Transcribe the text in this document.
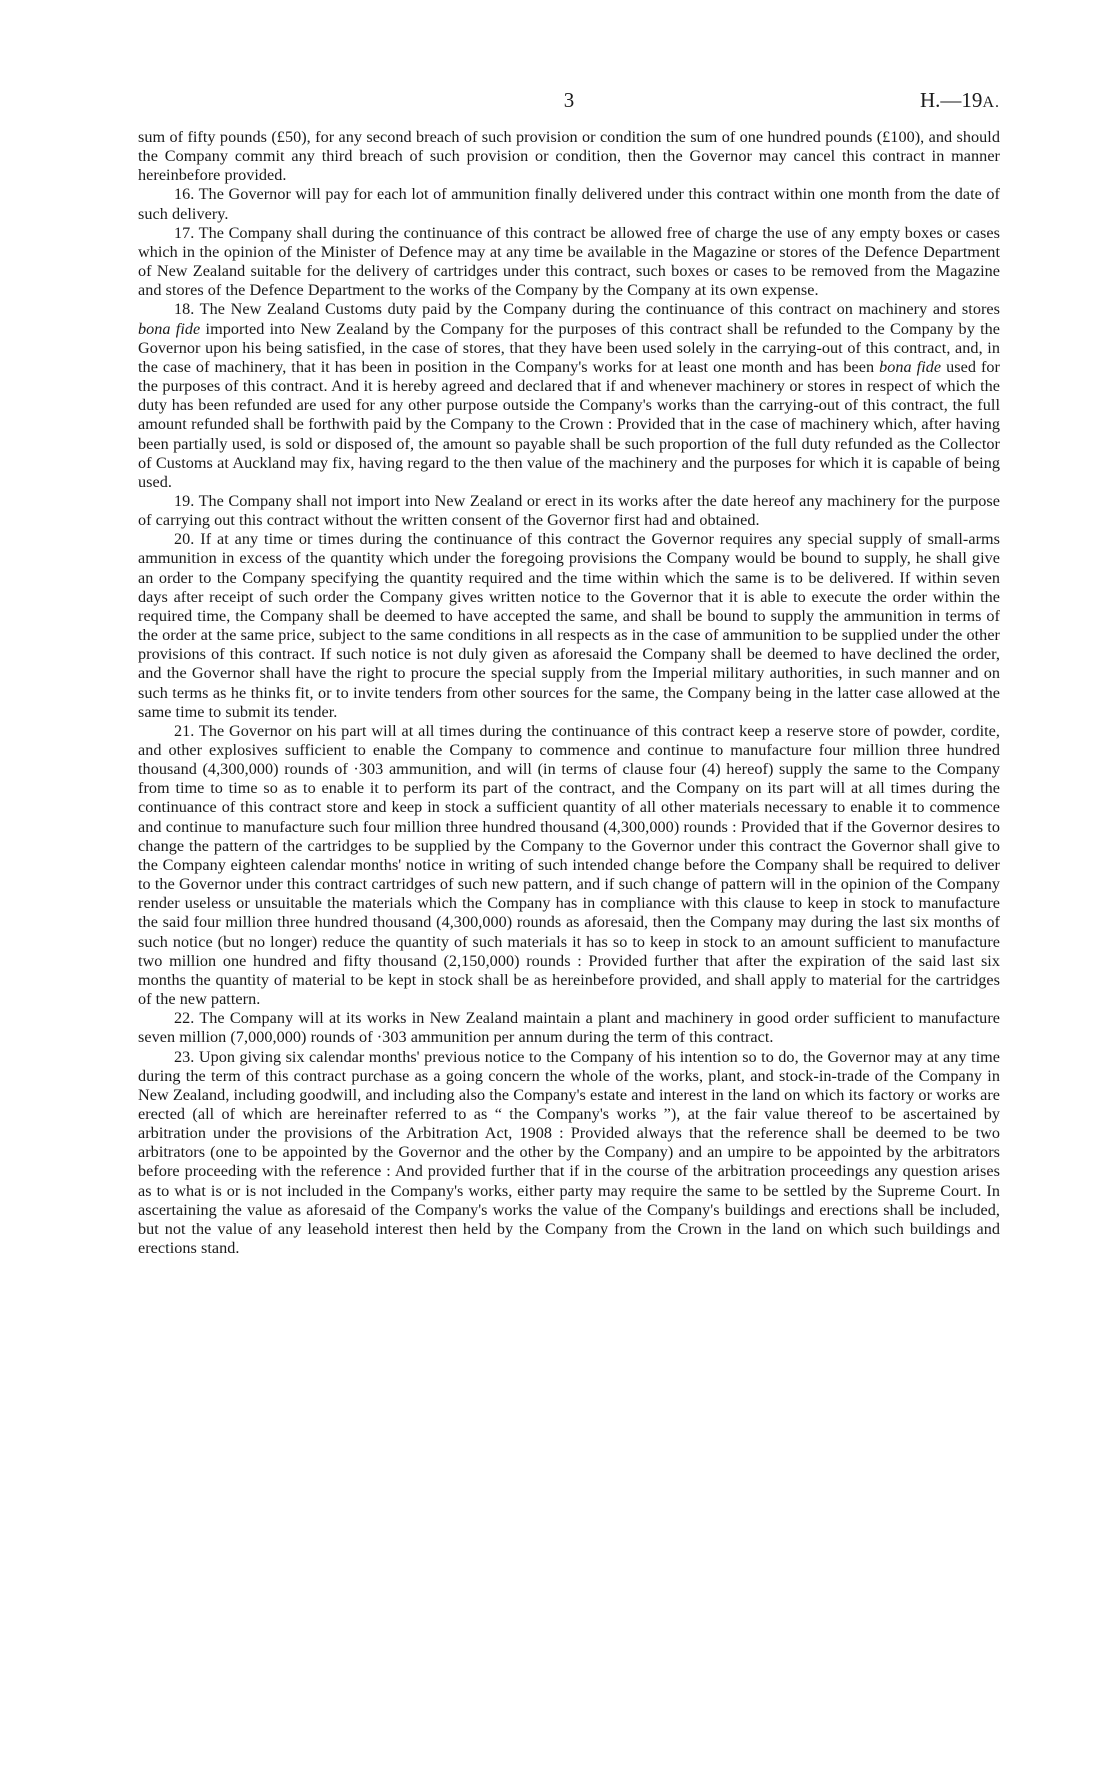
3	H.—19A.

sum of fifty pounds (£50), for any second breach of such provision or condition the sum of one hundred pounds (£100), and should the Company commit any third breach of such provision or condition, then the Governor may cancel this contract in manner hereinbefore provided.

16. The Governor will pay for each lot of ammunition finally delivered under this contract within one month from the date of such delivery.

17. The Company shall during the continuance of this contract be allowed free of charge the use of any empty boxes or cases which in the opinion of the Minister of Defence may at any time be available in the Magazine or stores of the Defence Department of New Zealand suitable for the delivery of cartridges under this contract, such boxes or cases to be removed from the Magazine and stores of the Defence Department to the works of the Company by the Company at its own expense.

18. The New Zealand Customs duty paid by the Company during the continuance of this contract on machinery and stores bona fide imported into New Zealand by the Company for the purposes of this contract shall be refunded to the Company by the Governor upon his being satisfied, in the case of stores, that they have been used solely in the carrying-out of this contract, and, in the case of machinery, that it has been in position in the Company's works for at least one month and has been bona fide used for the purposes of this contract. And it is hereby agreed and declared that if and whenever machinery or stores in respect of which the duty has been refunded are used for any other purpose outside the Company's works than the carrying-out of this contract, the full amount refunded shall be forthwith paid by the Company to the Crown : Provided that in the case of machinery which, after having been partially used, is sold or disposed of, the amount so payable shall be such proportion of the full duty refunded as the Collector of Customs at Auckland may fix, having regard to the then value of the machinery and the purposes for which it is capable of being used.

19. The Company shall not import into New Zealand or erect in its works after the date hereof any machinery for the purpose of carrying out this contract without the written consent of the Governor first had and obtained.

20. If at any time or times during the continuance of this contract the Governor requires any special supply of small-arms ammunition in excess of the quantity which under the foregoing provisions the Company would be bound to supply, he shall give an order to the Company specifying the quantity required and the time within which the same is to be delivered. If within seven days after receipt of such order the Company gives written notice to the Governor that it is able to execute the order within the required time, the Company shall be deemed to have accepted the same, and shall be bound to supply the ammunition in terms of the order at the same price, subject to the same conditions in all respects as in the case of ammunition to be supplied under the other provisions of this contract. If such notice is not duly given as aforesaid the Company shall be deemed to have declined the order, and the Governor shall have the right to procure the special supply from the Imperial military authorities, in such manner and on such terms as he thinks fit, or to invite tenders from other sources for the same, the Company being in the latter case allowed at the same time to submit its tender.

21. The Governor on his part will at all times during the continuance of this contract keep a reserve store of powder, cordite, and other explosives sufficient to enable the Company to commence and continue to manufacture four million three hundred thousand (4,300,000) rounds of ·303 ammunition, and will (in terms of clause four (4) hereof) supply the same to the Company from time to time so as to enable it to perform its part of the contract, and the Company on its part will at all times during the continuance of this contract store and keep in stock a sufficient quantity of all other materials necessary to enable it to commence and continue to manufacture such four million three hundred thousand (4,300,000) rounds : Provided that if the Governor desires to change the pattern of the cartridges to be supplied by the Company to the Governor under this contract the Governor shall give to the Company eighteen calendar months' notice in writing of such intended change before the Company shall be required to deliver to the Governor under this contract cartridges of such new pattern, and if such change of pattern will in the opinion of the Company render useless or unsuitable the materials which the Company has in compliance with this clause to keep in stock to manufacture the said four million three hundred thousand (4,300,000) rounds as aforesaid, then the Company may during the last six months of such notice (but no longer) reduce the quantity of such materials it has so to keep in stock to an amount sufficient to manufacture two million one hundred and fifty thousand (2,150,000) rounds : Provided further that after the expiration of the said last six months the quantity of material to be kept in stock shall be as hereinbefore provided, and shall apply to material for the cartridges of the new pattern.

22. The Company will at its works in New Zealand maintain a plant and machinery in good order sufficient to manufacture seven million (7,000,000) rounds of ·303 ammunition per annum during the term of this contract.

23. Upon giving six calendar months' previous notice to the Company of his intention so to do, the Governor may at any time during the term of this contract purchase as a going concern the whole of the works, plant, and stock-in-trade of the Company in New Zealand, including goodwill, and including also the Company's estate and interest in the land on which its factory or works are erected (all of which are hereinafter referred to as “ the Company's works ”), at the fair value thereof to be ascertained by arbitration under the provisions of the Arbitration Act, 1908 : Provided always that the reference shall be deemed to be two arbitrators (one to be appointed by the Governor and the other by the Company) and an umpire to be appointed by the arbitrators before proceeding with the reference : And provided further that if in the course of the arbitration proceedings any question arises as to what is or is not included in the Company's works, either party may require the same to be settled by the Supreme Court. In ascertaining the value as aforesaid of the Company's works the value of the Company's buildings and erections shall be included, but not the value of any leasehold interest then held by the Company from the Crown in the land on which such buildings and erections stand.
